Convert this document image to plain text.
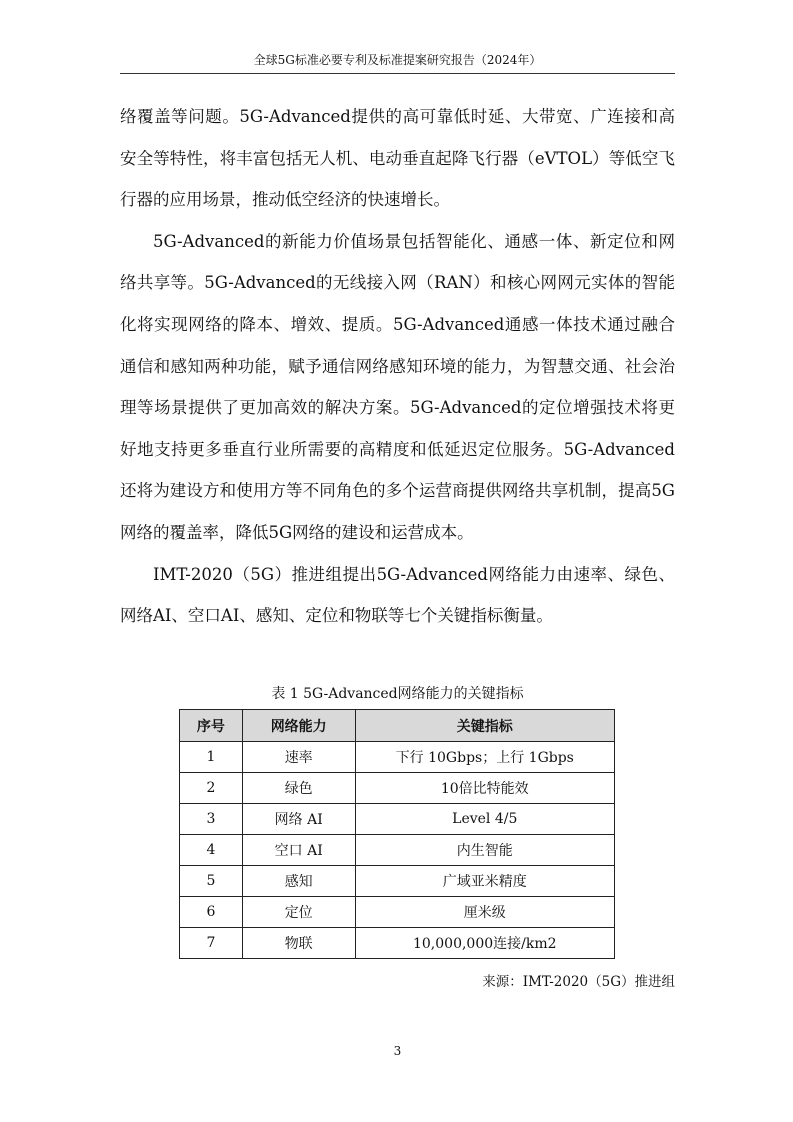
全球5G标准必要专利及标准提案研究报告（2024年）

络覆盖等问题。5G-Advanced提供的高可靠低时延、大带宽、广连接和高安全等特性，将丰富包括无人机、电动垂直起降飞行器（eVTOL）等低空飞行器的应用场景，推动低空经济的快速增长。

5G-Advanced的新能力价值场景包括智能化、通感一体、新定位和网络共享等。5G-Advanced的无线接入网（RAN）和核心网网元实体的智能化将实现网络的降本、增效、提质。5G-Advanced通感一体技术通过融合通信和感知两种功能，赋予通信网络感知环境的能力，为智慧交通、社会治理等场景提供了更加高效的解决方案。5G-Advanced的定位增强技术将更好地支持更多垂直行业所需要的高精度和低延迟定位服务。5G-Advanced还将为建设方和使用方等不同角色的多个运营商提供网络共享机制，提高5G网络的覆盖率，降低5G网络的建设和运营成本。

IMT-2020（5G）推进组提出5G-Advanced网络能力由速率、绿色、网络AI、空口AI、感知、定位和物联等七个关键指标衡量。

表 1 5G-Advanced网络能力的关键指标
序号	网络能力	关键指标
1	速率	下行 10Gbps；上行 1Gbps
2	绿色	10倍比特能效
3	网络 AI	Level 4/5
4	空口 AI	内生智能
5	感知	广域亚米精度
6	定位	厘米级
7	物联	10,000,000连接/km2
来源：IMT-2020（5G）推进组
3
